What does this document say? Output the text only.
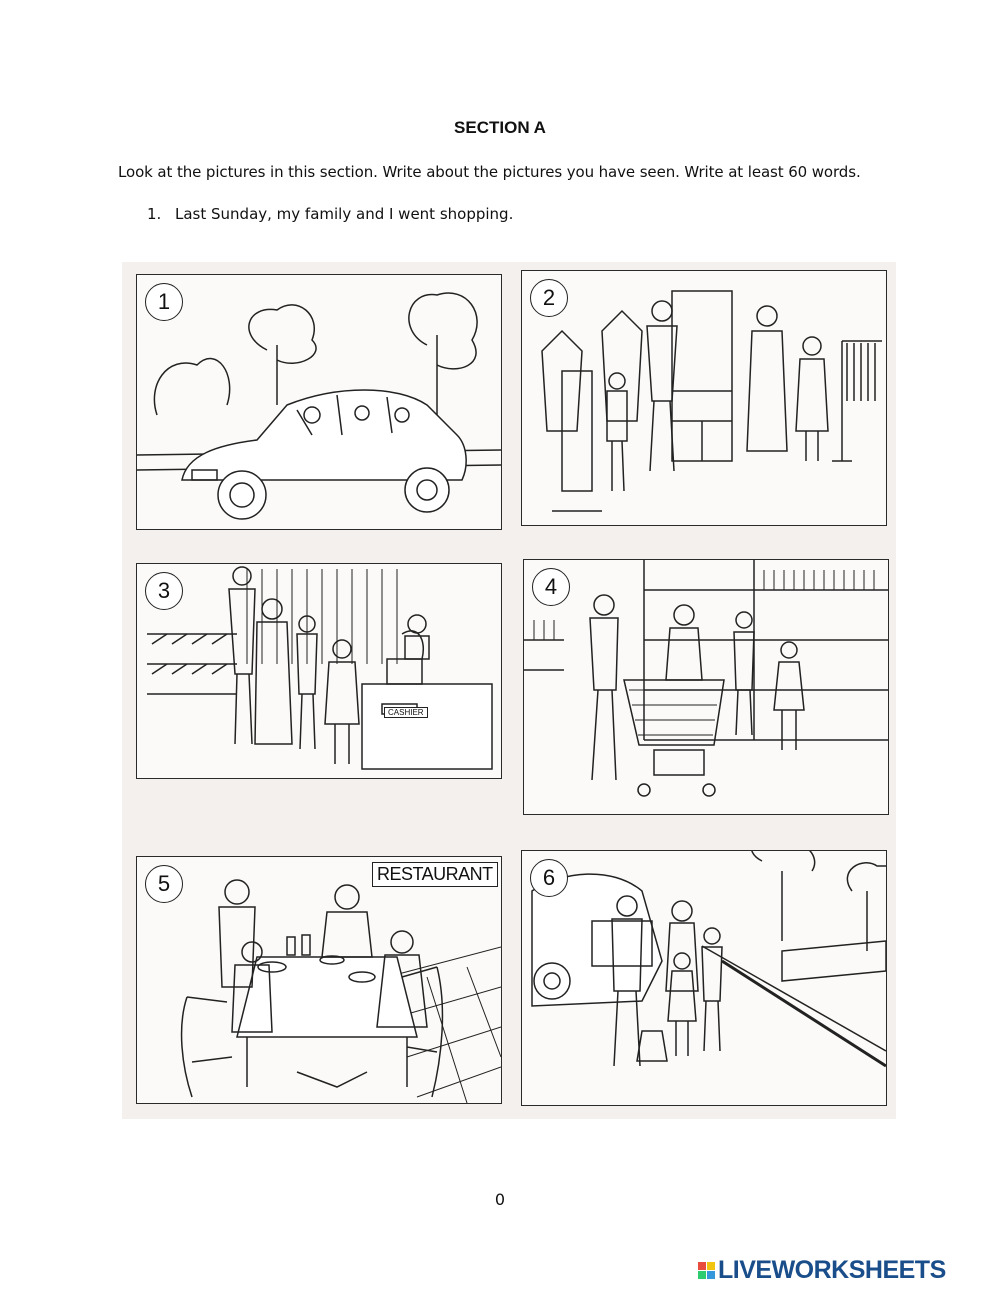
SECTION A
Look at the pictures in this section. Write about the pictures you have seen. Write at least 60 words.
1. Last Sunday, my family and I went shopping.
1	2
3
CASHIER
4
5	RESTAURANT	6
0
LIVEWORKSHEETS
